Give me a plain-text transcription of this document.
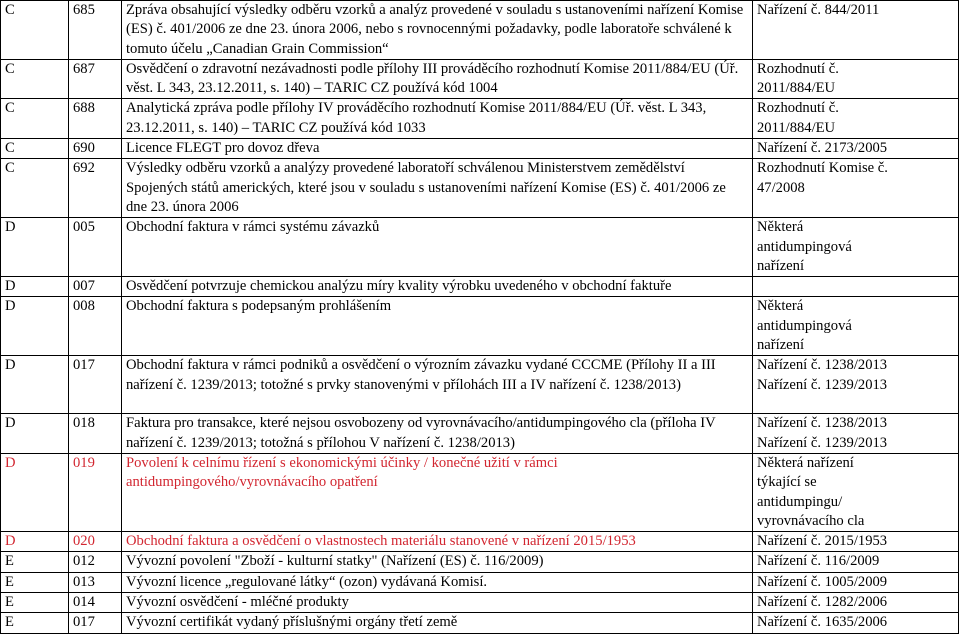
C	685	Zpráva obsahující výsledky odběru vzorků a analýz provedené v souladu s ustanoveními nařízení Komise (ES) č. 401/2006 ze dne 23. února 2006, nebo s rovnocennými požadavky, podle laboratoře schválené k tomuto účelu „Canadian Grain Commission“	Nařízení č. 844/2011

C	687	Osvědčení o zdravotní nezávadnosti podle přílohy III prováděcího rozhodnutí Komise 2011/884/EU (Úř. věst. L 343, 23.12.2011, s. 140) – TARIC CZ používá kód 1004	Rozhodnutí č.
2011/884/EU

C	688	Analytická zpráva podle přílohy IV prováděcího rozhodnutí Komise 2011/884/EU (Úř. věst. L 343, 23.12.2011, s. 140) – TARIC CZ používá kód 1033	Rozhodnutí č.
2011/884/EU

C	690	Licence FLEGT pro dovoz dřeva	Nařízení č. 2173/2005

C	692	Výsledky odběru vzorků a analýzy provedené laboratoří schválenou Ministerstvem zemědělství Spojených států amerických, které jsou v souladu s ustanoveními nařízení Komise (ES) č. 401/2006 ze dne 23. února 2006	Rozhodnutí Komise č.
47/2008

D	005	Obchodní faktura v rámci systému závazků	Některá
antidumpingová
nařízení

D	007	Osvědčení potvrzuje chemickou analýzu míry kvality výrobku uvedeného v obchodní faktuře	
D	008	Obchodní faktura s podepsaným prohlášením	Některá
antidumpingová
nařízení

D	017	Obchodní faktura v rámci podniků a osvědčení o výrozním závazku vydané CCCME (Přílohy II a III nařízení č. 1239/2013; totožné s prvky stanovenými v přílohách III a IV nařízení č. 1238/2013)	Nařízení č. 1238/2013
Nařízení č. 1239/2013

D	018	Faktura pro transakce, které nejsou osvobozeny od vyrovnávacího/antidumpingového cla (příloha IV nařízení č. 1239/2013; totožná s přílohou V nařízení č. 1238/2013)	Nařízení č. 1238/2013
Nařízení č. 1239/2013

D	019	Povolení k celnímu řízení s ekonomickými účinky / konečné užití v rámci antidumpingového/vyrovnávacího opatření	Některá nařízení
týkající se
antidumpingu/
vyrovnávacího cla

D	020	Obchodní faktura a osvědčení o vlastnostech materiálu stanovené v nařízení 2015/1953	Nařízení č. 2015/1953

E	012	Vývozní povolení "Zboží - kulturní statky" (Nařízení (ES) č. 116/2009)	Nařízení č. 116/2009

E	013	Vývozní licence „regulované látky“ (ozon) vydávaná Komisí.	Nařízení č. 1005/2009

E	014	Vývozní osvědčení - mléčné produkty	Nařízení č. 1282/2006

E	017	Vývozní certifikát vydaný příslušnými orgány třetí země	Nařízení č. 1635/2006
